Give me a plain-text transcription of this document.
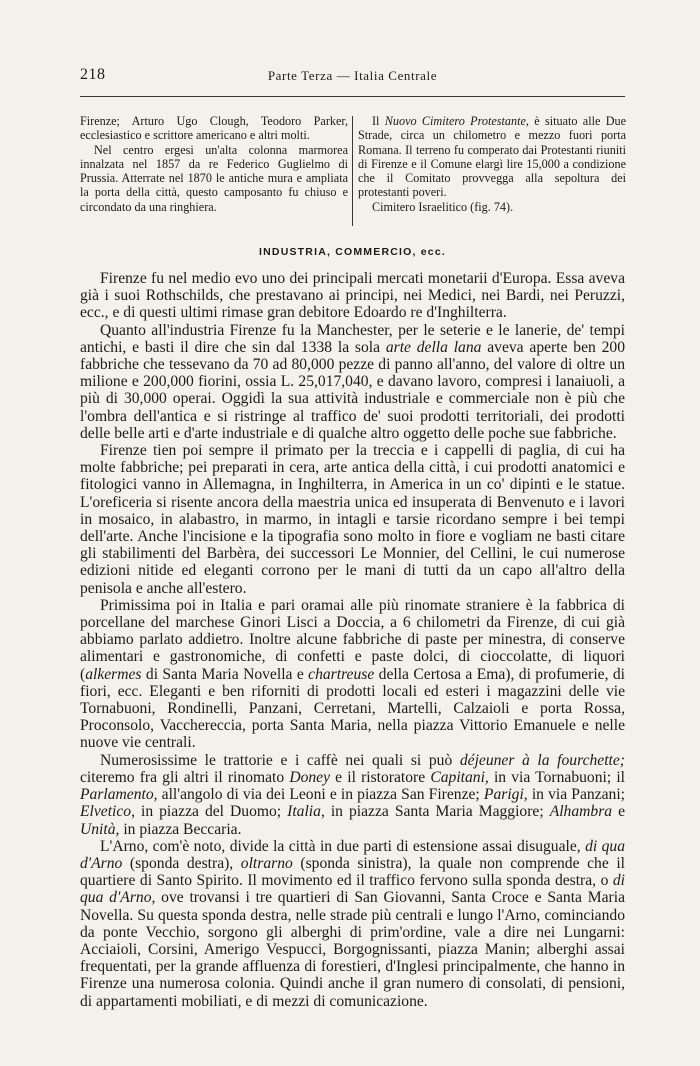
218	Parte Terza — Italia Centrale

Firenze; Arturo Ugo Clough, Teodoro Parker, ecclesiastico e scrittore americano e altri molti.

Nel centro ergesi un'alta colonna marmorea innalzata nel 1857 da re Federico Guglielmo di Prussia. Atterrate nel 1870 le antiche mura e ampliata la porta della città, questo camposanto fu chiuso e circondato da una ringhiera.

Il Nuovo Cimitero Protestante, è situato alle Due Strade, circa un chilometro e mezzo fuori porta Romana. Il terreno fu comperato dai Protestanti riuniti di Firenze e il Comune elargì lire 15,000 a condizione che il Comitato provvegga alla sepoltura dei protestanti poveri.

Cimitero Israelitico (fig. 74).

INDUSTRIA, COMMERCIO, ecc.

Firenze fu nel medio evo uno dei principali mercati monetarii d'Europa. Essa aveva già i suoi Rothschilds, che prestavano ai principi, nei Medici, nei Bardi, nei Peruzzi, ecc., e di questi ultimi rimase gran debitore Edoardo re d'Inghilterra.

Quanto all'industria Firenze fu la Manchester, per le seterie e le lanerie, de' tempi antichi, e basti il dire che sin dal 1338 la sola arte della lana aveva aperte ben 200 fabbriche che tessevano da 70 ad 80,000 pezze di panno all'anno, del valore di oltre un milione e 200,000 fiorini, ossia L. 25,017,040, e davano lavoro, compresi i lanaiuoli, a più di 30,000 operai. Oggidì la sua attività industriale e commerciale non è più che l'ombra dell'antica e si ristringe al traffico de' suoi prodotti territoriali, dei prodotti delle belle arti e d'arte industriale e di qualche altro oggetto delle poche sue fabbriche.

Firenze tien poi sempre il primato per la treccia e i cappelli di paglia, di cui ha molte fabbriche; pei preparati in cera, arte antica della città, i cui prodotti anatomici e fitologici vanno in Allemagna, in Inghilterra, in America in un co' dipinti e le statue. L'oreficeria si risente ancora della maestria unica ed insuperata di Benvenuto e i lavori in mosaico, in alabastro, in marmo, in intagli e tarsie ricordano sempre i bei tempi dell'arte. Anche l'incisione e la tipografia sono molto in fiore e vogliam ne basti citare gli stabilimenti del Barbèra, dei successori Le Monnier, del Cellini, le cui numerose edizioni nitide ed eleganti corrono per le mani di tutti da un capo all'altro della penisola e anche all'estero.

Primissima poi in Italia e pari oramai alle più rinomate straniere è la fabbrica di porcellane del marchese Ginori Lisci a Doccia, a 6 chilometri da Firenze, di cui già abbiamo parlato addietro. Inoltre alcune fabbriche di paste per minestra, di conserve alimentari e gastronomiche, di confetti e paste dolci, di cioccolatte, di liquori (alkermes di Santa Maria Novella e chartreuse della Certosa a Ema), di profumerie, di fiori, ecc. Eleganti e ben riforniti di prodotti locali ed esteri i magazzini delle vie Tornabuoni, Rondinelli, Panzani, Cerretani, Martelli, Calzaioli e porta Rossa, Proconsolo, Vacchereccia, porta Santa Maria, nella piazza Vittorio Emanuele e nelle nuove vie centrali.

Numerosissime le trattorie e i caffè nei quali si può déjeuner à la fourchette; citeremo fra gli altri il rinomato Doney e il ristoratore Capitani, in via Tornabuoni; il Parlamento, all'angolo di via dei Leoni e in piazza San Firenze; Parigi, in via Panzani; Elvetico, in piazza del Duomo; Italia, in piazza Santa Maria Maggiore; Alhambra e Unità, in piazza Beccaria.

L'Arno, com'è noto, divide la città in due parti di estensione assai disuguale, di qua d'Arno (sponda destra), oltrarno (sponda sinistra), la quale non comprende che il quartiere di Santo Spirito. Il movimento ed il traffico fervono sulla sponda destra, o di qua d'Arno, ove trovansi i tre quartieri di San Giovanni, Santa Croce e Santa Maria Novella. Su questa sponda destra, nelle strade più centrali e lungo l'Arno, cominciando da ponte Vecchio, sorgono gli alberghi di prim'ordine, vale a dire nei Lungarni: Acciaioli, Corsini, Amerigo Vespucci, Borgognissanti, piazza Manin; alberghi assai frequentati, per la grande affluenza di forestieri, d'Inglesi principalmente, che hanno in Firenze una numerosa colonia. Quindi anche il gran numero di consolati, di pensioni, di appartamenti mobiliati, e di mezzi di comunicazione.
